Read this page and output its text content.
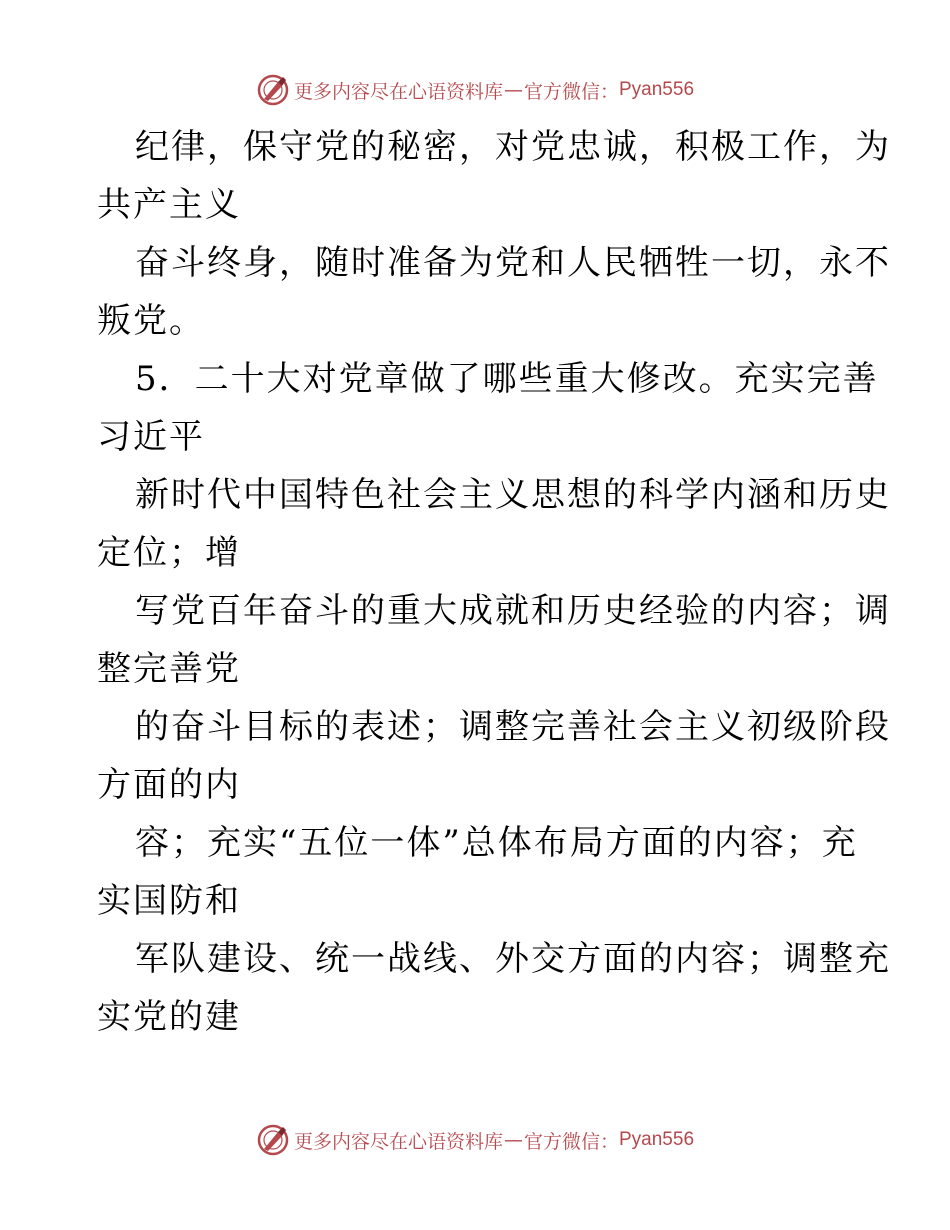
更多内容尽在心语资料库 — 官方微信： Pyan556
纪律，保守党的秘密，对党忠诚，积极工作，为
共产主义
奋斗终身，随时准备为党和人民牺牲一切，永不
叛党。
5．二十大对党章做了哪些重大修改。充实完善
习近平
新时代中国特色社会主义思想的科学内涵和历史
定位；增
写党百年奋斗的重大成就和历史经验的内容；调
整完善党
的奋斗目标的表述；调整完善社会主义初级阶段
方面的内
容；充实“五位一体”总体布局方面的内容；充
实国防和
军队建设、统一战线、外交方面的内容；调整充
实党的建
更多内容尽在心语资料库 — 官方微信： Pyan556
